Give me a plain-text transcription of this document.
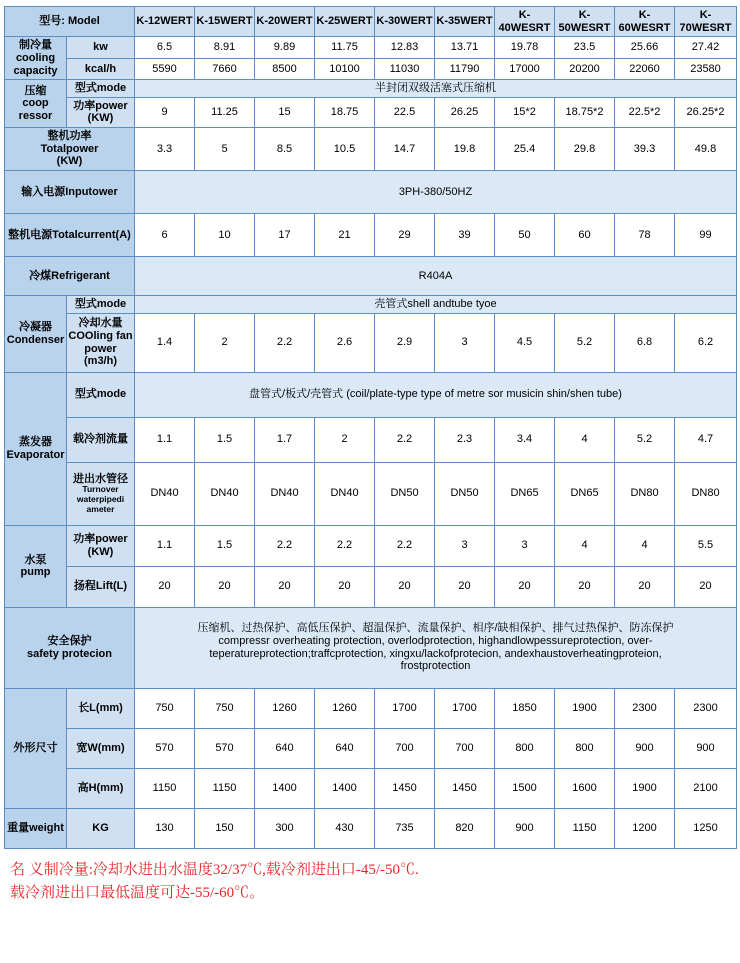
型号: Model		K-12WERT	K-15WERT	K-20WERT	K-25WERT	K-30WERT	K-35WERT	K-40WESRT	K-50WESRT	K-60WESRT	K-70WESRT

制冷量
cooling
capacity	kw	6.5	8.91	9.89	11.75	12.83	13.71	19.78	23.5	25.66	27.42
	kcal/h	5590	7660	8500	10100	11030	11790	17000	20200	22060	23580

压缩
coop
ressor	型式mode	半封闭双级活塞式压缩机									

	功率power
(KW)	9	11.25	15	18.75	22.5	26.25	15*2	18.75*2	22.5*2	26.25*2

整机功率
Totalpower
(KW)		3.3	5	8.5	10.5	14.7	19.8	25.4	29.8	39.3	49.8
输入电源Inputower		3PH-380/50HZ									
整机电源Totalcurrent(A)		6	10	17	21	29	39	50	60	78	99
冷煤Refrigerant		R404A									

冷凝器
Condenser	型式mode	壳管式shell andtube tyoe									

	冷却水量
COOling fan
power (m3/h)	1.4	2	2.2	2.6	2.9	3	4.5	5.2	6.8	6.2

蒸发器
Evaporator	型式mode	盘管式/板式/壳管式 (coil/plate-type type of metre sor musicin shin/shen tube)									
	载冷剂流量	1.1	1.5	1.7	2	2.2	2.3	3.4	4	5.2	4.7

	进出水管径
Turnover
waterpipedi
ameter	DN40	DN40	DN40	DN40	DN50	DN50	DN65	DN65	DN80	DN80

水泵
pump	功率power (KW)	1.1	1.5	2.2	2.2	2.2	3	3	4	4	5.5
	扬程Lift(L)	20	20	20	20	20	20	20	20	20	20

安全保护
safety protecion

压缩机、过热保护、高低压保护、超温保护、流量保护、相序/缺相保护、排气过热保护、防冻保护
compressr overheating protection, overlodprotection, highandlowpessureprotection, over-
teperatureprotection;traffcprotection, xingxu/lackofprotecion, andexhaustoverheatingproteion,
frostprotection

外形尺寸	长L(mm)	750	750	1260	1260	1700	1700	1850	1900	2300	2300
	宽W(mm)	570	570	640	640	700	700	800	800	900	900
	高H(mm)	1150	1150	1400	1400	1450	1450	1500	1600	1900	2100
重量weight	KG	130	150	300	430	735	820	900	1150	1200	1250
名 义制冷量:冷却水进出水温度32/37℃,载冷剂进出口-45/-50℃.
载冷剂进出口最低温度可达-55/-60℃。
